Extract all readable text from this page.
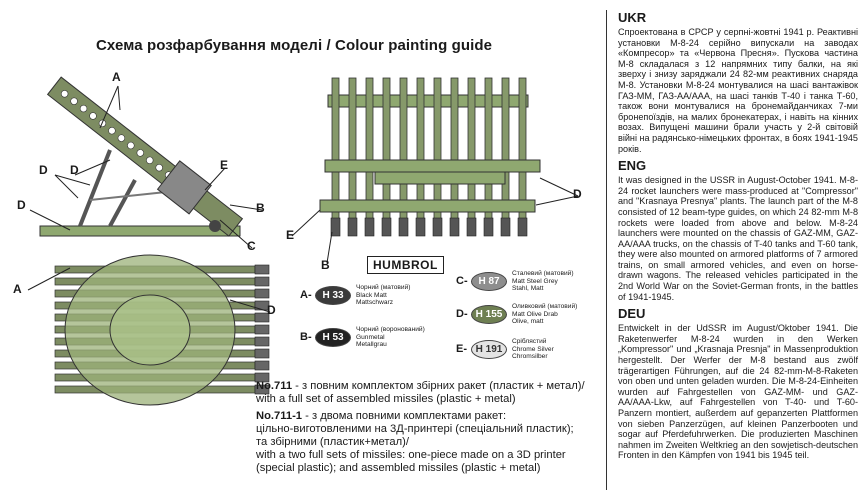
Схема розфарбування моделі / Colour painting guide
A
D D
D
E
B
C
A
D
E
B
D
HUMBROL
A-	H 33
Чорний (матовий)
Black Matt
Mattschwarz
B-	H 53
Чорний (воронований)
Gunmetal
Metallgrau
C-	H 87
Сталевий (матовий)
Matt Steel Grey
Stahl, Matt
D- H 155
Оливковий (матовий)
Matt Olive Drab
Olive, matt
E- H 191
Сріблястий
Chrome Silver
Chromsilber
No.711 - з повним комплектом збірних ракет (пластик + метал)/
with a full set of assembled missiles (plastic + metal)
No.711-1 - з двома повними комплектами ракет:
цільно-виготовленими на 3Д-принтері (спеціальний пластик);
та збірними (пластик+метал)/
with a two full sets of missiles: one-piece made on a 3D printer
(special plastic); and assembled missiles (plastic + metal)
UKR
Спроектована в СРСР у серпні-жовтні 1941 р. Реактивні установки М-8-24 серійно випускали на заводах «Компресор» та «Червона Пресня». Пускова частина М-8 складалася з 12 напрямних типу балки, на які зверху і знизу заряджали 24 82-мм реактивних снаряда М-8. Установки М-8-24 монтувалися на шасі вантажівок ГАЗ-ММ, ГАЗ-АА/ААА, на шасі танків Т-40 і танка Т-60, також вони монтувалися на бронемайданчиках 7-ми бронепоїздів, на малих бронекатерах, і навіть на кінних возах. Випущені машини брали участь у 2-й світовій війні на радянсько-німецьких фронтах, в боях 1941-1945 років.
ENG
It was designed in the USSR in August-October 1941. M-8-24 rocket launchers were mass-produced at "Compressor" and "Krasnaya Presnya" plants. The launch part of the M-8 consisted of 12 beam-type guides, on which 24 82-mm M-8 rockets were loaded from above and below. M-8-24 launchers were mounted on the chassis of GAZ-MM, GAZ-AA/AAA trucks, on the chassis of T-40 tanks and T-60 tank, they were also mounted on armored platforms of 7 armored trains, on small armored vehicles, and even on horse-drawn wagons. The released vehicles participated in the 2nd World War on the Soviet-German fronts, in the battles of 1941-1945.
DEU
Entwickelt in der UdSSR im August/Oktober 1941. Die Raketenwerfer M-8-24 wurden in den Werken „Kompressor" und „Krasnaja Presnja" in Massenproduktion hergestellt. Der Werfer der M-8 bestand aus zwölf trägerartigen Führungen, auf die 24 82-mm-M-8-Raketen von oben und unten geladen wurden. Die M-8-24-Einheiten wurden auf Fahrgestellen von GAZ-MM- und GAZ-AA/AAA-Lkw, auf Fahrgestellen von T-40- und T-60-Panzern montiert, außerdem auf gepanzerten Plattformen von sieben Panzerzügen, auf kleinen Panzerbooten und sogar auf Pferdefuhrwerken. Die produzierten Maschinen nahmen im Zweiten Weltkrieg an den sowjetisch-deutschen Fronten in den Kämpfen von 1941 bis 1945 teil.
